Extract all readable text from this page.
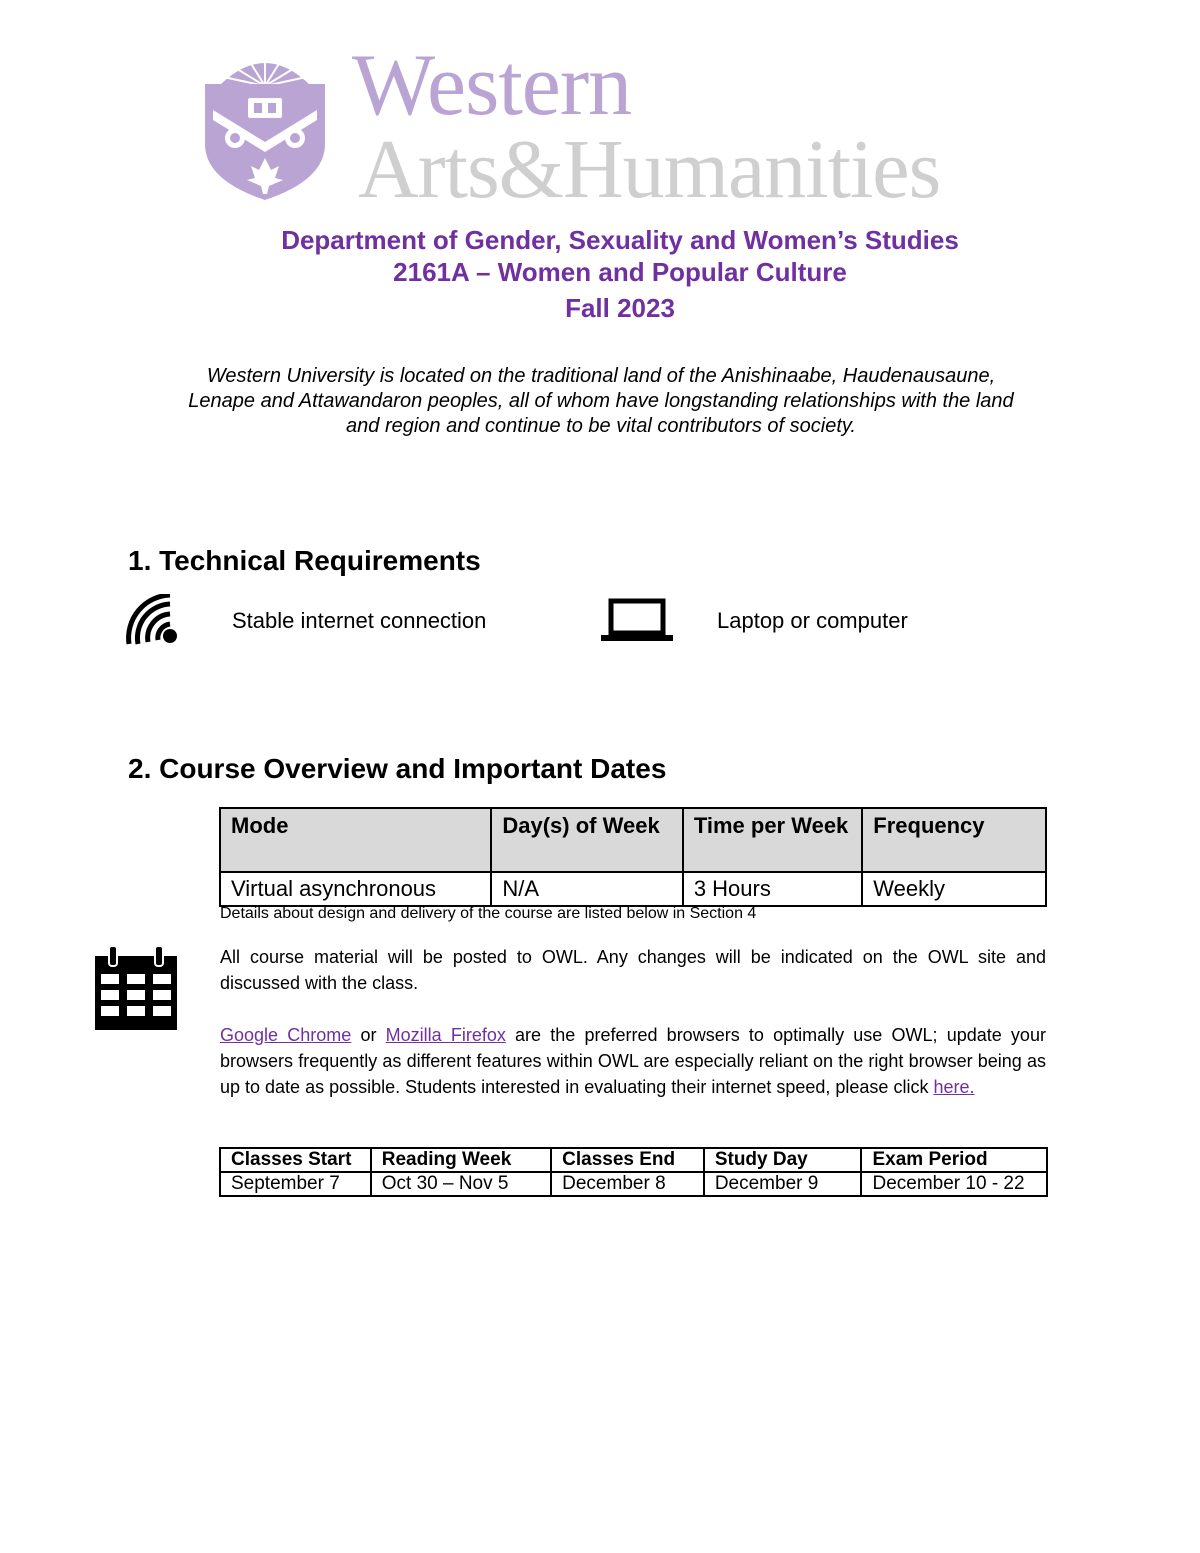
Western
Arts&Humanities
Department of Gender, Sexuality and Women’s Studies
2161A – Women and Popular Culture
Fall 2023
Western University is located on the traditional land of the Anishinaabe, Haudenausaune,
Lenape and Attawandaron peoples, all of whom have longstanding relationships with the land
and region and continue to be vital contributors of society.
1. Technical Requirements
Stable internet connection	Laptop or computer
2. Course Overview and Important Dates
Mode	Day(s) of Week	Time per Week	Frequency
Virtual asynchronous	N/A	3 Hours	Weekly
Details about design and delivery of the course are listed below in Section 4
All course material will be posted to OWL. Any changes will be indicated on the OWL site and discussed with the class.
Google Chrome or Mozilla Firefox are the preferred browsers to optimally use OWL; update your browsers frequently as different features within OWL are especially reliant on the right browser being as up to date as possible. Students interested in evaluating their internet speed, please click here.
Classes Start	Reading Week	Classes End	Study Day	Exam Period
September 7	Oct 30 – Nov 5	December 8	December 9	December 10 - 22
